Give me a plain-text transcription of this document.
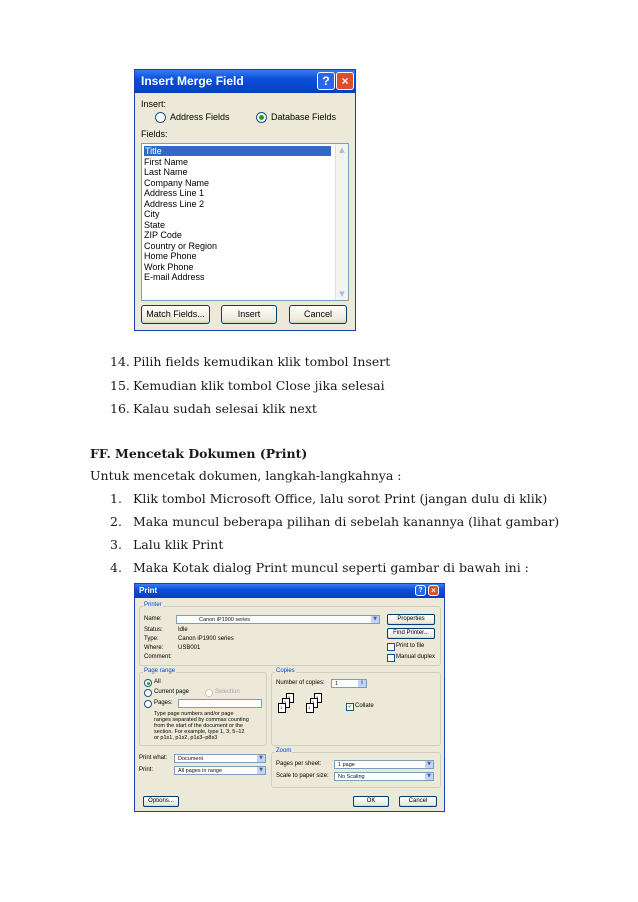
Insert Merge Field	? ×
Insert:
Address Fields	Database Fields
Fields:
Title
First Name
Last Name
Company Name
Address Line 1
Address Line 2
City
State
ZIP Code
Country or Region
Home Phone
Work Phone
E-mail Address
▲
▼
Match Fields...	Insert	Cancel
14. Pilih fields kemudikan klik tombol Insert
15. Kemudian klik tombol Close jika selesai
16. Kalau sudah selesai klik next
FF. Mencetak Dokumen (Print)
Untuk mencetak dokumen, langkah-langkahnya :
1. Klik tombol Microsoft Office, lalu sorot Print (jangan dulu di klik)
2. Maka muncul beberapa pilihan di sebelah kanannya (lihat gambar)
3. Lalu klik Print
4. Maka Kotak dialog Print muncul seperti gambar di bawah ini :
Print	?	×
Printer
Name:	Canon iP1900 series	▼
Status:	Idle
Type:	Canon iP1900 series
Where: USB001
Comment:
Properties
Find Printer...
Print to file
Manual duplex
Page range
All
Current page	Selection
Pages:
Type page numbers and/or page
ranges separated by commas counting
from the start of the document or the
section. For example, type 1, 3, 5–12
or p1s1, p1s2, p1s3–p8s3
Copies
Number of copies: 1	⇕
1	1	✔ Collate
Print what: Document	▼
Print:	All pages in range	▼
Zoom
Pages per sheet:	1 page	▼
Scale to paper size: No Scaling	▼
Options...	OK	Cancel
